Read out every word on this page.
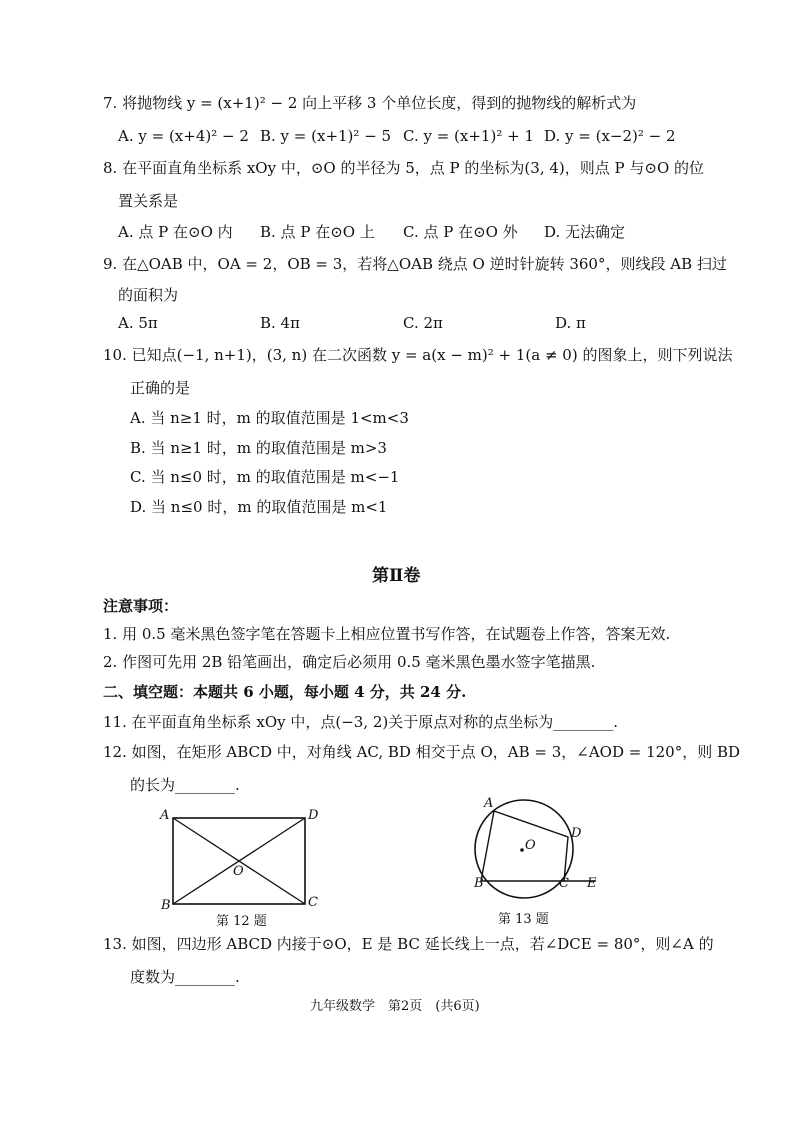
7. 将抛物线 y = (x+1)² − 2 向上平移 3 个单位长度，得到的抛物线的解析式为
A. y = (x+4)² − 2 B. y = (x+1)² − 5 C. y = (x+1)² + 1 D. y = (x−2)² − 2
8. 在平面直角坐标系 xOy 中，⊙O 的半径为 5，点 P 的坐标为(3, 4)，则点 P 与⊙O 的位
置关系是
A. 点 P 在⊙O 内 B. 点 P 在⊙O 上 C. 点 P 在⊙O 外 D. 无法确定
9. 在△OAB 中，OA = 2，OB = 3，若将△OAB 绕点 O 逆时针旋转 360°，则线段 AB 扫过
的面积为
A. 5π	B. 4π	C. 2π	D. π
10. 已知点(−1, n+1)，(3, n) 在二次函数 y = a(x − m)² + 1(a ≠ 0) 的图象上，则下列说法
正确的是
A. 当 n≥1 时，m 的取值范围是 1<m<3
B. 当 n≥1 时，m 的取值范围是 m>3
C. 当 n≤0 时，m 的取值范围是 m<−1
D. 当 n≤0 时，m 的取值范围是 m<1
第Ⅱ卷
注意事项：
1. 用 0.5 毫米黑色签字笔在答题卡上相应位置书写作答，在试题卷上作答，答案无效.
2. 作图可先用 2B 铅笔画出，确定后必须用 0.5 毫米黑色墨水签字笔描黑.
二、填空题：本题共 6 小题，每小题 4 分，共 24 分.
11. 在平面直角坐标系 xOy 中，点(−3, 2)关于原点对称的点坐标为________.
12. 如图，在矩形 ABCD 中，对角线 AC, BD 相交于点 O，AB = 3，∠AOD = 120°，则 BD
的长为________.
A	D
B	C
O
第 12 题
A
D
B	C E
O
第 13 题
13. 如图，四边形 ABCD 内接于⊙O，E 是 BC 延长线上一点，若∠DCE = 80°，则∠A 的
度数为________.
九年级数学　第2页　(共6页)
